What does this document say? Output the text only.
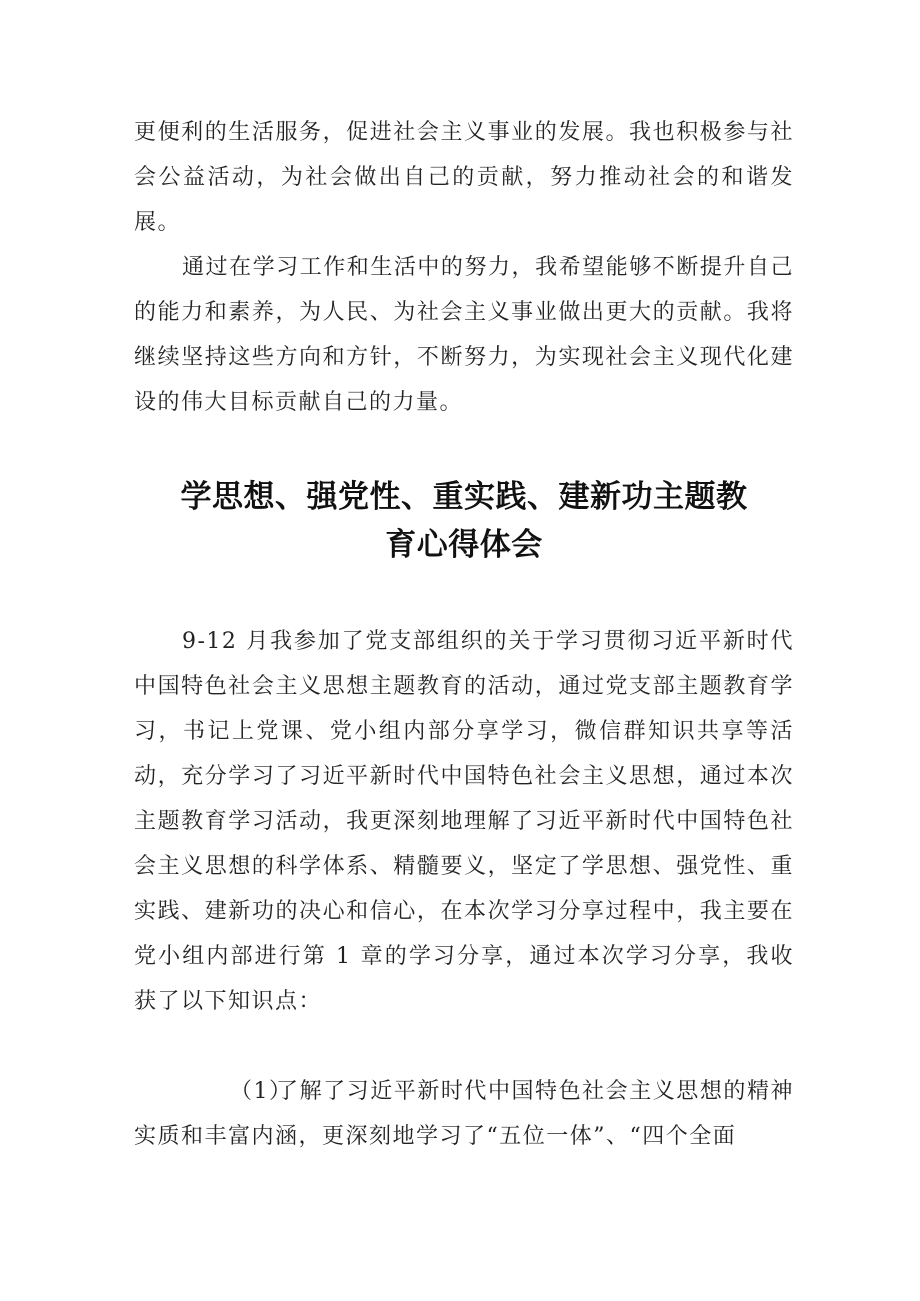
更便利的生活服务，促进社会主义事业的发展。我也积极参与社会公益活动，为社会做出自己的贡献，努力推动社会的和谐发展。

通过在学习工作和生活中的努力，我希望能够不断提升自己的能力和素养，为人民、为社会主义事业做出更大的贡献。我将继续坚持这些方向和方针，不断努力，为实现社会主义现代化建设的伟大目标贡献自己的力量。

学思想、强党性、重实践、建新功主题教
育心得体会

9-12 月我参加了党支部组织的关于学习贯彻习近平新时代中国特色社会主义思想主题教育的活动，通过党支部主题教育学习，书记上党课、党小组内部分享学习，微信群知识共享等活动，充分学习了习近平新时代中国特色社会主义思想，通过本次主题教育学习活动，我更深刻地理解了习近平新时代中国特色社会主义思想的科学体系、精髓要义，坚定了学思想、强党性、重实践、建新功的决心和信心，在本次学习分享过程中，我主要在党小组内部进行第 1 章的学习分享，通过本次学习分享，我收获了以下知识点：

（1）了解了习近平新时代中国特色社会主义思想的精神实质和丰富内涵，更深刻地学习了“五位一体”、“四个全面
